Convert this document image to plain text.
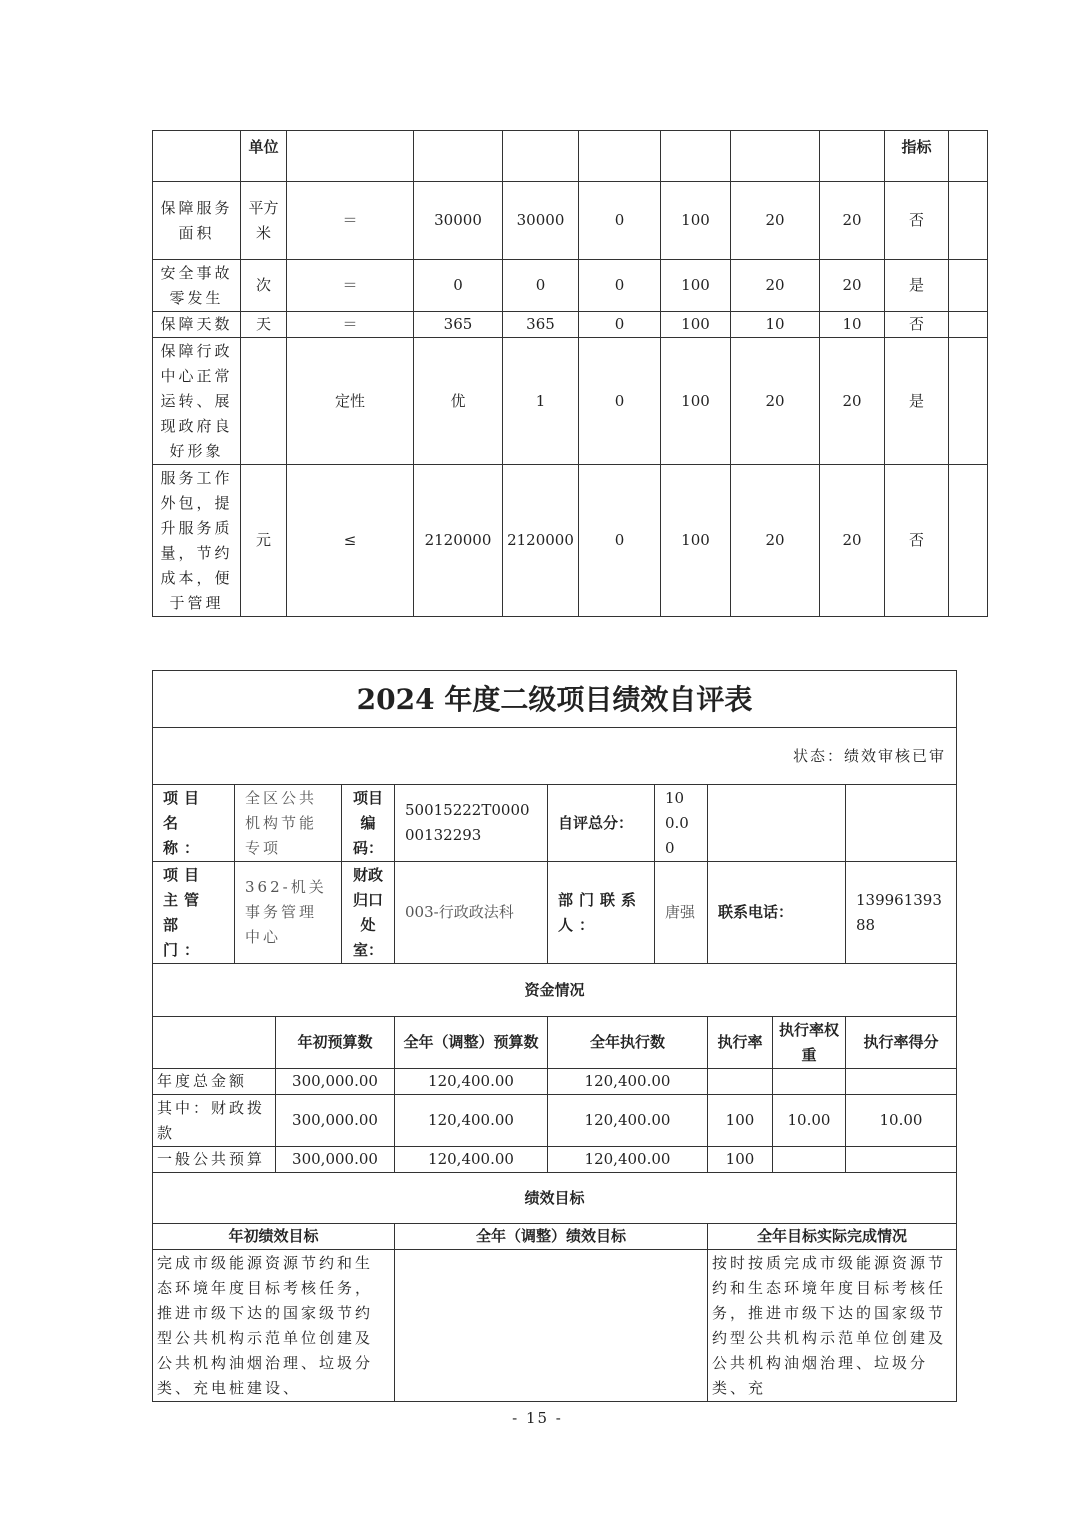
	单位								指标	
保障服务面积	平方米	＝	30000	30000	0	100	20	20	否	
安全事故零发生	次	＝	0	0	0	100	20	20	是	
保障天数	天	＝	365	365	0	100	10	10	否	
保障行政中心正常运转、展现政府良好形象		定性	优	1	0	100	20	20	是	
服务工作外包，提升服务质量，节约成本，便于管理	元	≤	2120000	2120000	0	100	20	20	否	
2024 年度二级项目绩效自评表									
状态：绩效审核已审									
项目名称：	全区公共机构节能专项		项目编码：	50015222T000000132293	自评总分：	100.00			
项目主管部门：	362-机关事务管理中心		财政归口处室：	003-行政政法科	部门联系人：	唐强	联系电话：		13996139388
资金情况									
		年初预算数		全年（调整）预算数	全年执行数		执行率	执行率权重	执行率得分
年度总金额		300,000.00		120,400.00	120,400.00				
其中：财政拨款		300,000.00		120,400.00	120,400.00		100	10.00	10.00
一般公共预算		300,000.00		120,400.00	120,400.00		100		
绩效目标									
年初绩效目标				全年（调整）绩效目标			全年目标实际完成情况		
完成市级能源资源节约和生态环境年度目标考核任务，推进市级下达的国家级节约型公共机构示范单位创建及公共机构油烟治理、垃圾分类、充电桩建设、							按时按质完成市级能源资源节约和生态环境年度目标考核任务，推进市级下达的国家级节约型公共机构示范单位创建及公共机构油烟治理、垃圾分类、充		
- 15 -
